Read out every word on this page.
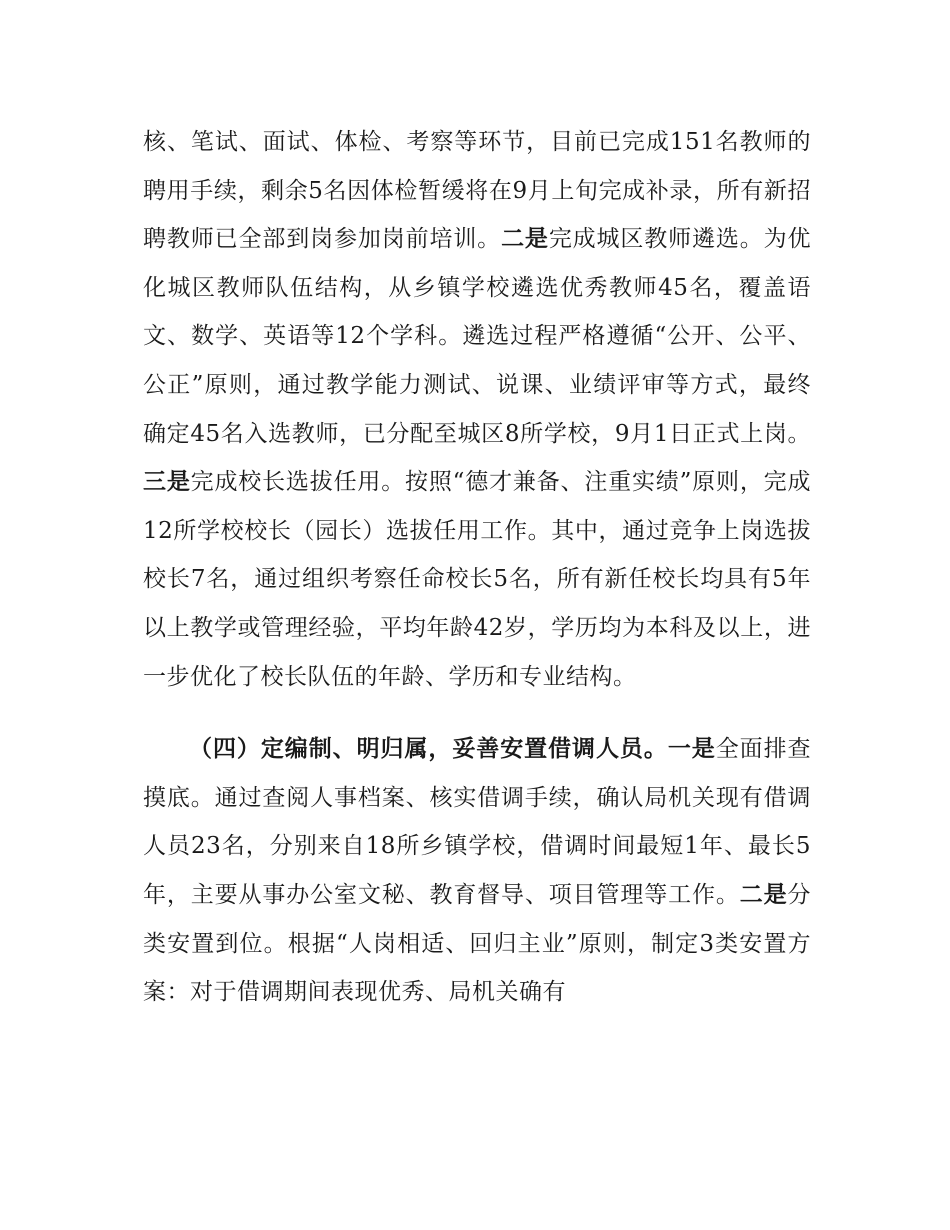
核、笔试、面试、体检、考察等环节，目前已完成151名教师的聘用手续，剩余5名因体检暂缓将在9月上旬完成补录，所有新招聘教师已全部到岗参加岗前培训。二是完成城区教师遴选。为优化城区教师队伍结构，从乡镇学校遴选优秀教师45名，覆盖语文、数学、英语等12个学科。遴选过程严格遵循“公开、公平、公正”原则，通过教学能力测试、说课、业绩评审等方式，最终确定45名入选教师，已分配至城区8所学校，9月1日正式上岗。三是完成校长选拔任用。按照“德才兼备、注重实绩”原则，完成12所学校校长（园长）选拔任用工作。其中，通过竞争上岗选拔校长7名，通过组织考察任命校长5名，所有新任校长均具有5年以上教学或管理经验，平均年龄42岁，学历均为本科及以上，进一步优化了校长队伍的年龄、学历和专业结构。

（四）定编制、明归属，妥善安置借调人员。一是全面排查摸底。通过查阅人事档案、核实借调手续，确认局机关现有借调人员23名，分别来自18所乡镇学校，借调时间最短1年、最长5年，主要从事办公室文秘、教育督导、项目管理等工作。二是分类安置到位。根据“人岗相适、回归主业”原则，制定3类安置方案：对于借调期间表现优秀、局机关确有
